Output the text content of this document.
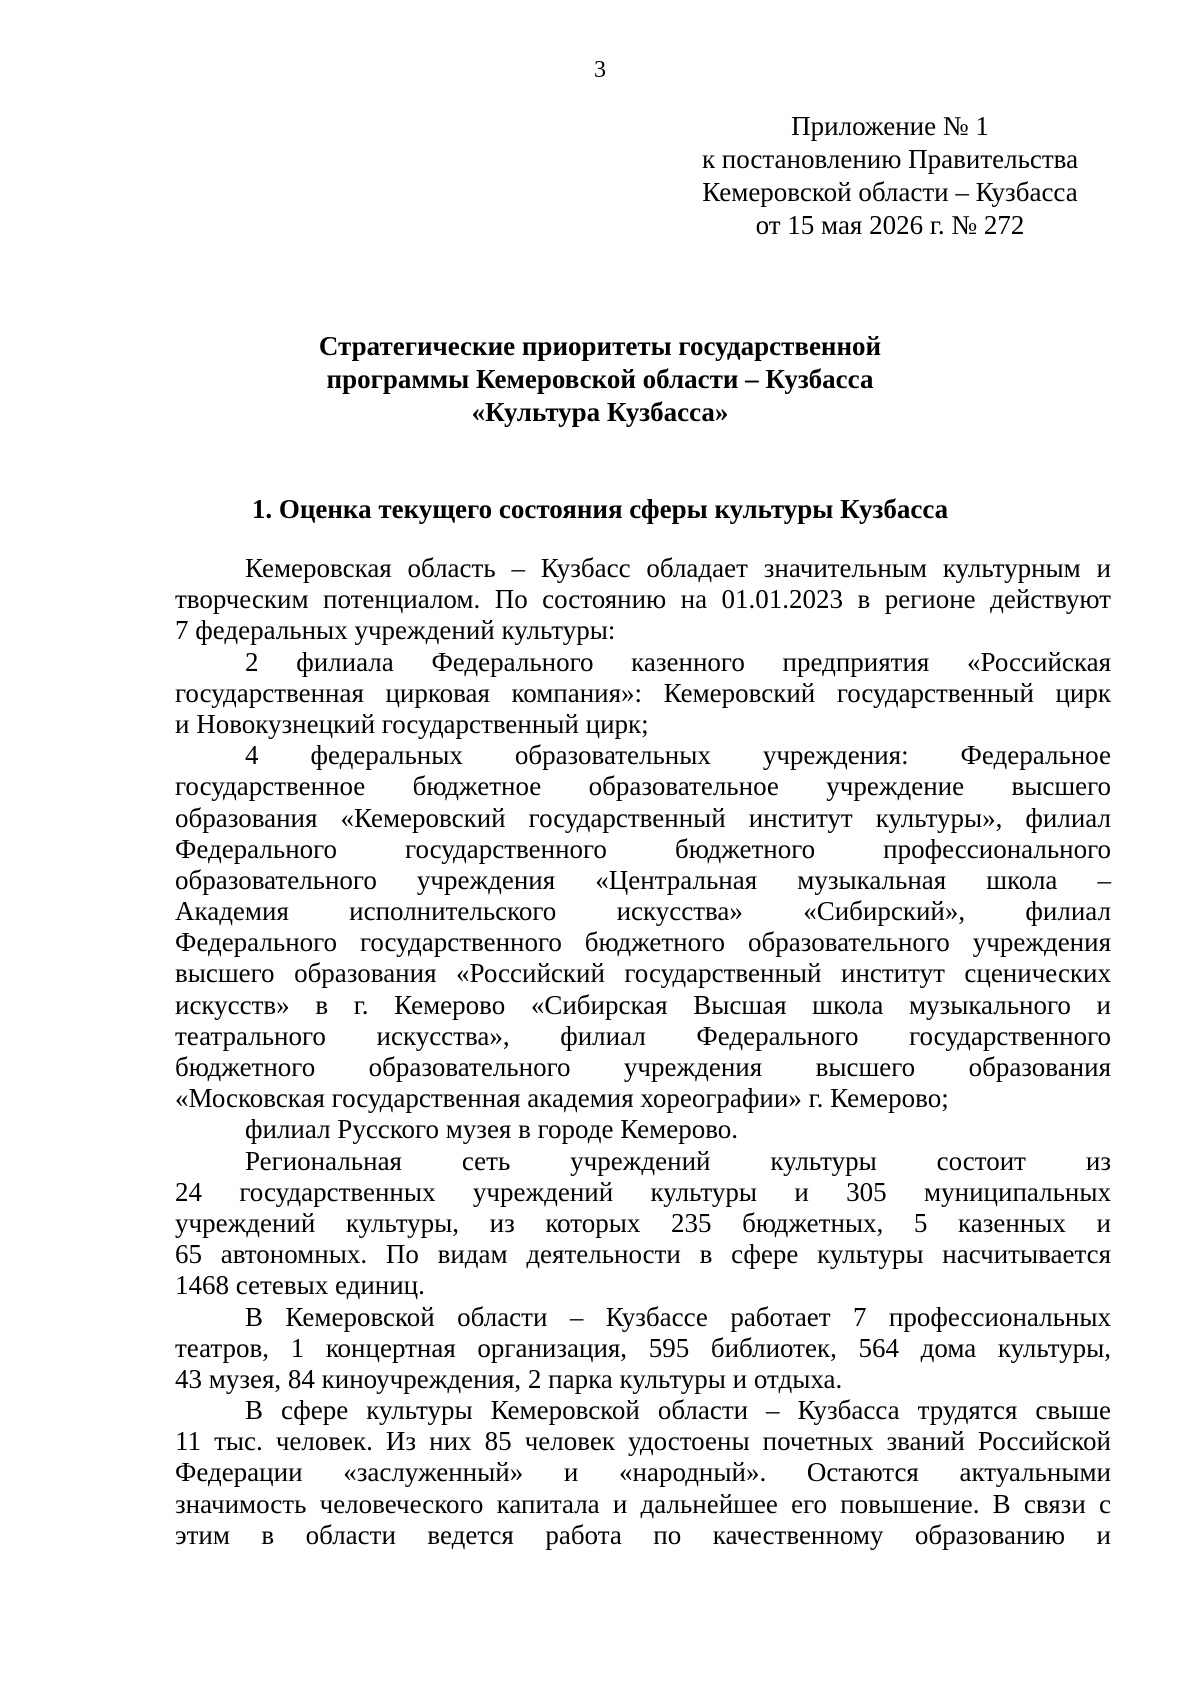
3
Приложение № 1
к постановлению Правительства
Кемеровской области – Кузбасса
от 15 мая 2026 г. № 272
Стратегические приоритеты государственной
программы Кемеровской области – Кузбасса
«Культура Кузбасса»
1. Оценка текущего состояния сферы культуры Кузбасса
Кемеровская область – Кузбасс обладает значительным культурным и
творческим потенциалом. По состоянию на 01.01.2023 в регионе действуют
7 федеральных учреждений культуры:
2 филиала Федерального казенного предприятия «Российская
государственная цирковая компания»: Кемеровский государственный цирк
и Новокузнецкий государственный цирк;
4 федеральных образовательных учреждения: Федеральное
государственное бюджетное образовательное учреждение высшего
образования «Кемеровский государственный институт культуры», филиал
Федерального государственного бюджетного профессионального
образовательного учреждения «Центральная музыкальная школа –
Академия исполнительского искусства» «Сибирский», филиал
Федерального государственного бюджетного образовательного учреждения
высшего образования «Российский государственный институт сценических
искусств» в г. Кемерово «Сибирская Высшая школа музыкального и
театрального искусства», филиал Федерального государственного
бюджетного образовательного учреждения высшего образования
«Московская государственная академия хореографии» г. Кемерово;
филиал Русского музея в городе Кемерово.
Региональная сеть учреждений культуры состоит из
24 государственных учреждений культуры и 305 муниципальных
учреждений культуры, из которых 235 бюджетных, 5 казенных и
65 автономных. По видам деятельности в сфере культуры насчитывается
1468 сетевых единиц.
В Кемеровской области – Кузбассе работает 7 профессиональных
театров, 1 концертная организация, 595 библиотек, 564 дома культуры,
43 музея, 84 киноучреждения, 2 парка культуры и отдыха.
В сфере культуры Кемеровской области – Кузбасса трудятся свыше
11 тыс. человек. Из них 85 человек удостоены почетных званий Российской
Федерации «заслуженный» и «народный». Остаются актуальными
значимость человеческого капитала и дальнейшее его повышение. В связи с
этим в области ведется работа по качественному образованию и
